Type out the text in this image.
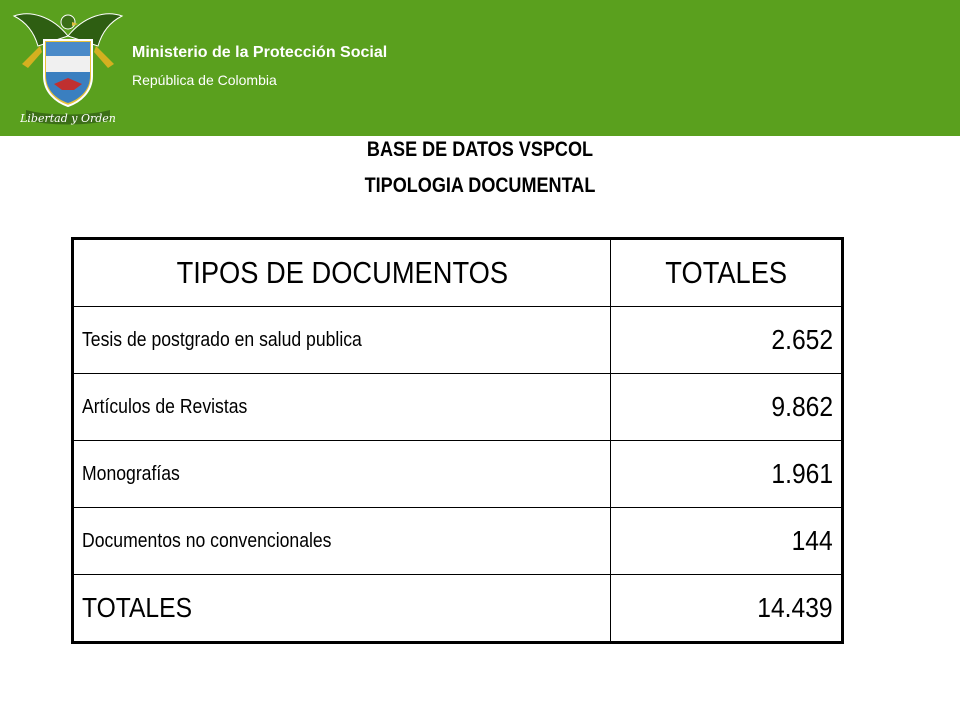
Libertad y Orden
Ministerio de la Protección Social
República de Colombia
BASE DE DATOS VSPCOL
TIPOLOGIA DOCUMENTAL
TIPOS DE DOCUMENTOS	TOTALES
Tesis de postgrado en salud publica	2.652
Artículos de Revistas	9.862
Monografías	1.961
Documentos no convencionales	144
TOTALES	14.439
